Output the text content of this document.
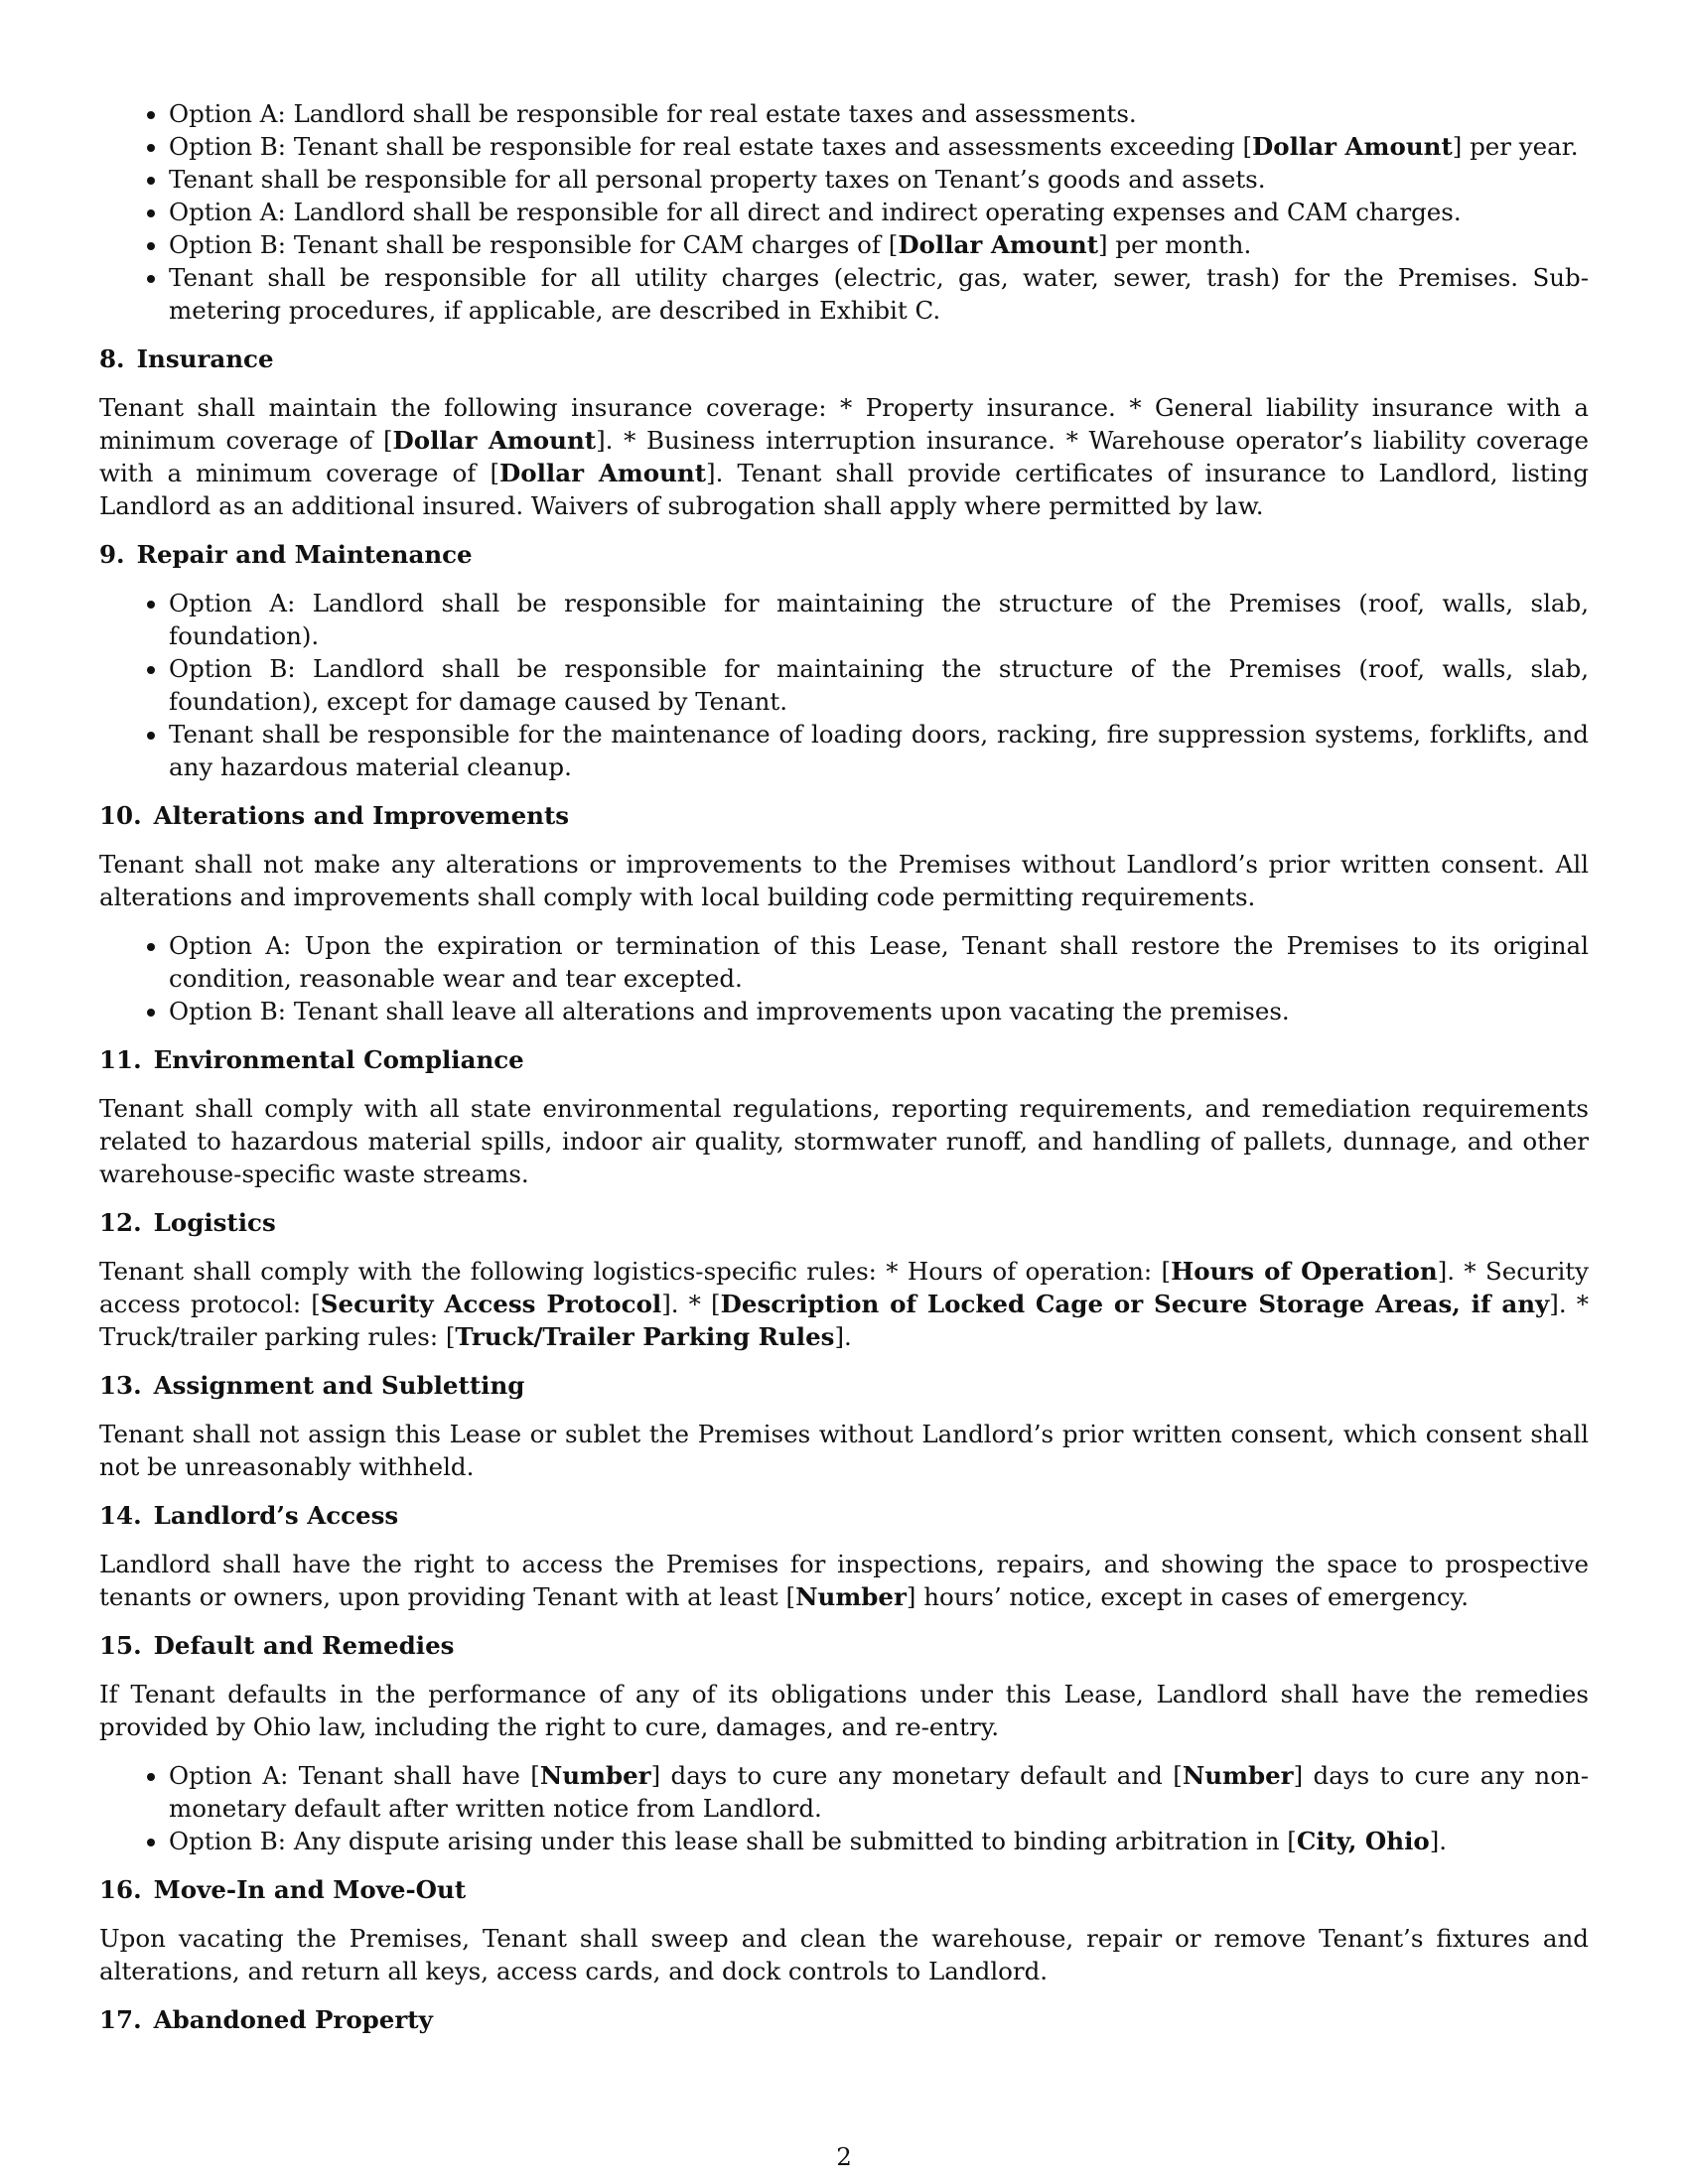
• Option A: Landlord shall be responsible for real estate taxes and assessments.
• Option B: Tenant shall be responsible for real estate taxes and assessments exceeding [Dollar Amount] per year.
• Tenant shall be responsible for all personal property taxes on Tenant’s goods and assets.
• Option A: Landlord shall be responsible for all direct and indirect operating expenses and CAM charges.
• Option B: Tenant shall be responsible for CAM charges of [Dollar Amount] per month.
• Tenant shall be responsible for all utility charges (electric, gas, water, sewer, trash) for the Premises. Sub-metering procedures, if applicable, are described in Exhibit C.
8. Insurance

Tenant shall maintain the following insurance coverage: * Property insurance. * General liability insurance with a minimum coverage of [Dollar Amount]. * Business interruption insurance. * Warehouse operator’s liability coverage with a minimum coverage of [Dollar Amount]. Tenant shall provide certificates of insurance to Landlord, listing Landlord as an additional insured. Waivers of subrogation shall apply where permitted by law.

9. Repair and Maintenance
• Option A: Landlord shall be responsible for maintaining the structure of the Premises (roof, walls, slab, foundation).
• Option B: Landlord shall be responsible for maintaining the structure of the Premises (roof, walls, slab, foundation), except for damage caused by Tenant.
• Tenant shall be responsible for the maintenance of loading doors, racking, fire suppression systems, forklifts, and any hazardous material cleanup.
10. Alterations and Improvements

Tenant shall not make any alterations or improvements to the Premises without Landlord’s prior written consent. All alterations and improvements shall comply with local building code permitting requirements.

• Option A: Upon the expiration or termination of this Lease, Tenant shall restore the Premises to its original condition, reasonable wear and tear excepted.
• Option B: Tenant shall leave all alterations and improvements upon vacating the premises.
11. Environmental Compliance

Tenant shall comply with all state environmental regulations, reporting requirements, and remediation requirements related to hazardous material spills, indoor air quality, stormwater runoff, and handling of pallets, dunnage, and other warehouse-specific waste streams.

12. Logistics

Tenant shall comply with the following logistics-specific rules: * Hours of operation: [Hours of Operation]. * Security access protocol: [Security Access Protocol]. * [Description of Locked Cage or Secure Storage Areas, if any]. * Truck/trailer parking rules: [Truck/Trailer Parking Rules].

13. Assignment and Subletting

Tenant shall not assign this Lease or sublet the Premises without Landlord’s prior written consent, which consent shall not be unreasonably withheld.

14. Landlord’s Access

Landlord shall have the right to access the Premises for inspections, repairs, and showing the space to prospective tenants or owners, upon providing Tenant with at least [Number] hours’ notice, except in cases of emergency.

15. Default and Remedies

If Tenant defaults in the performance of any of its obligations under this Lease, Landlord shall have the remedies provided by Ohio law, including the right to cure, damages, and re-entry.

• Option A: Tenant shall have [Number] days to cure any monetary default and [Number] days to cure any non-monetary default after written notice from Landlord.
• Option B: Any dispute arising under this lease shall be submitted to binding arbitration in [City, Ohio].
16. Move-In and Move-Out

Upon vacating the Premises, Tenant shall sweep and clean the warehouse, repair or remove Tenant’s fixtures and alterations, and return all keys, access cards, and dock controls to Landlord.

17. Abandoned Property
2
